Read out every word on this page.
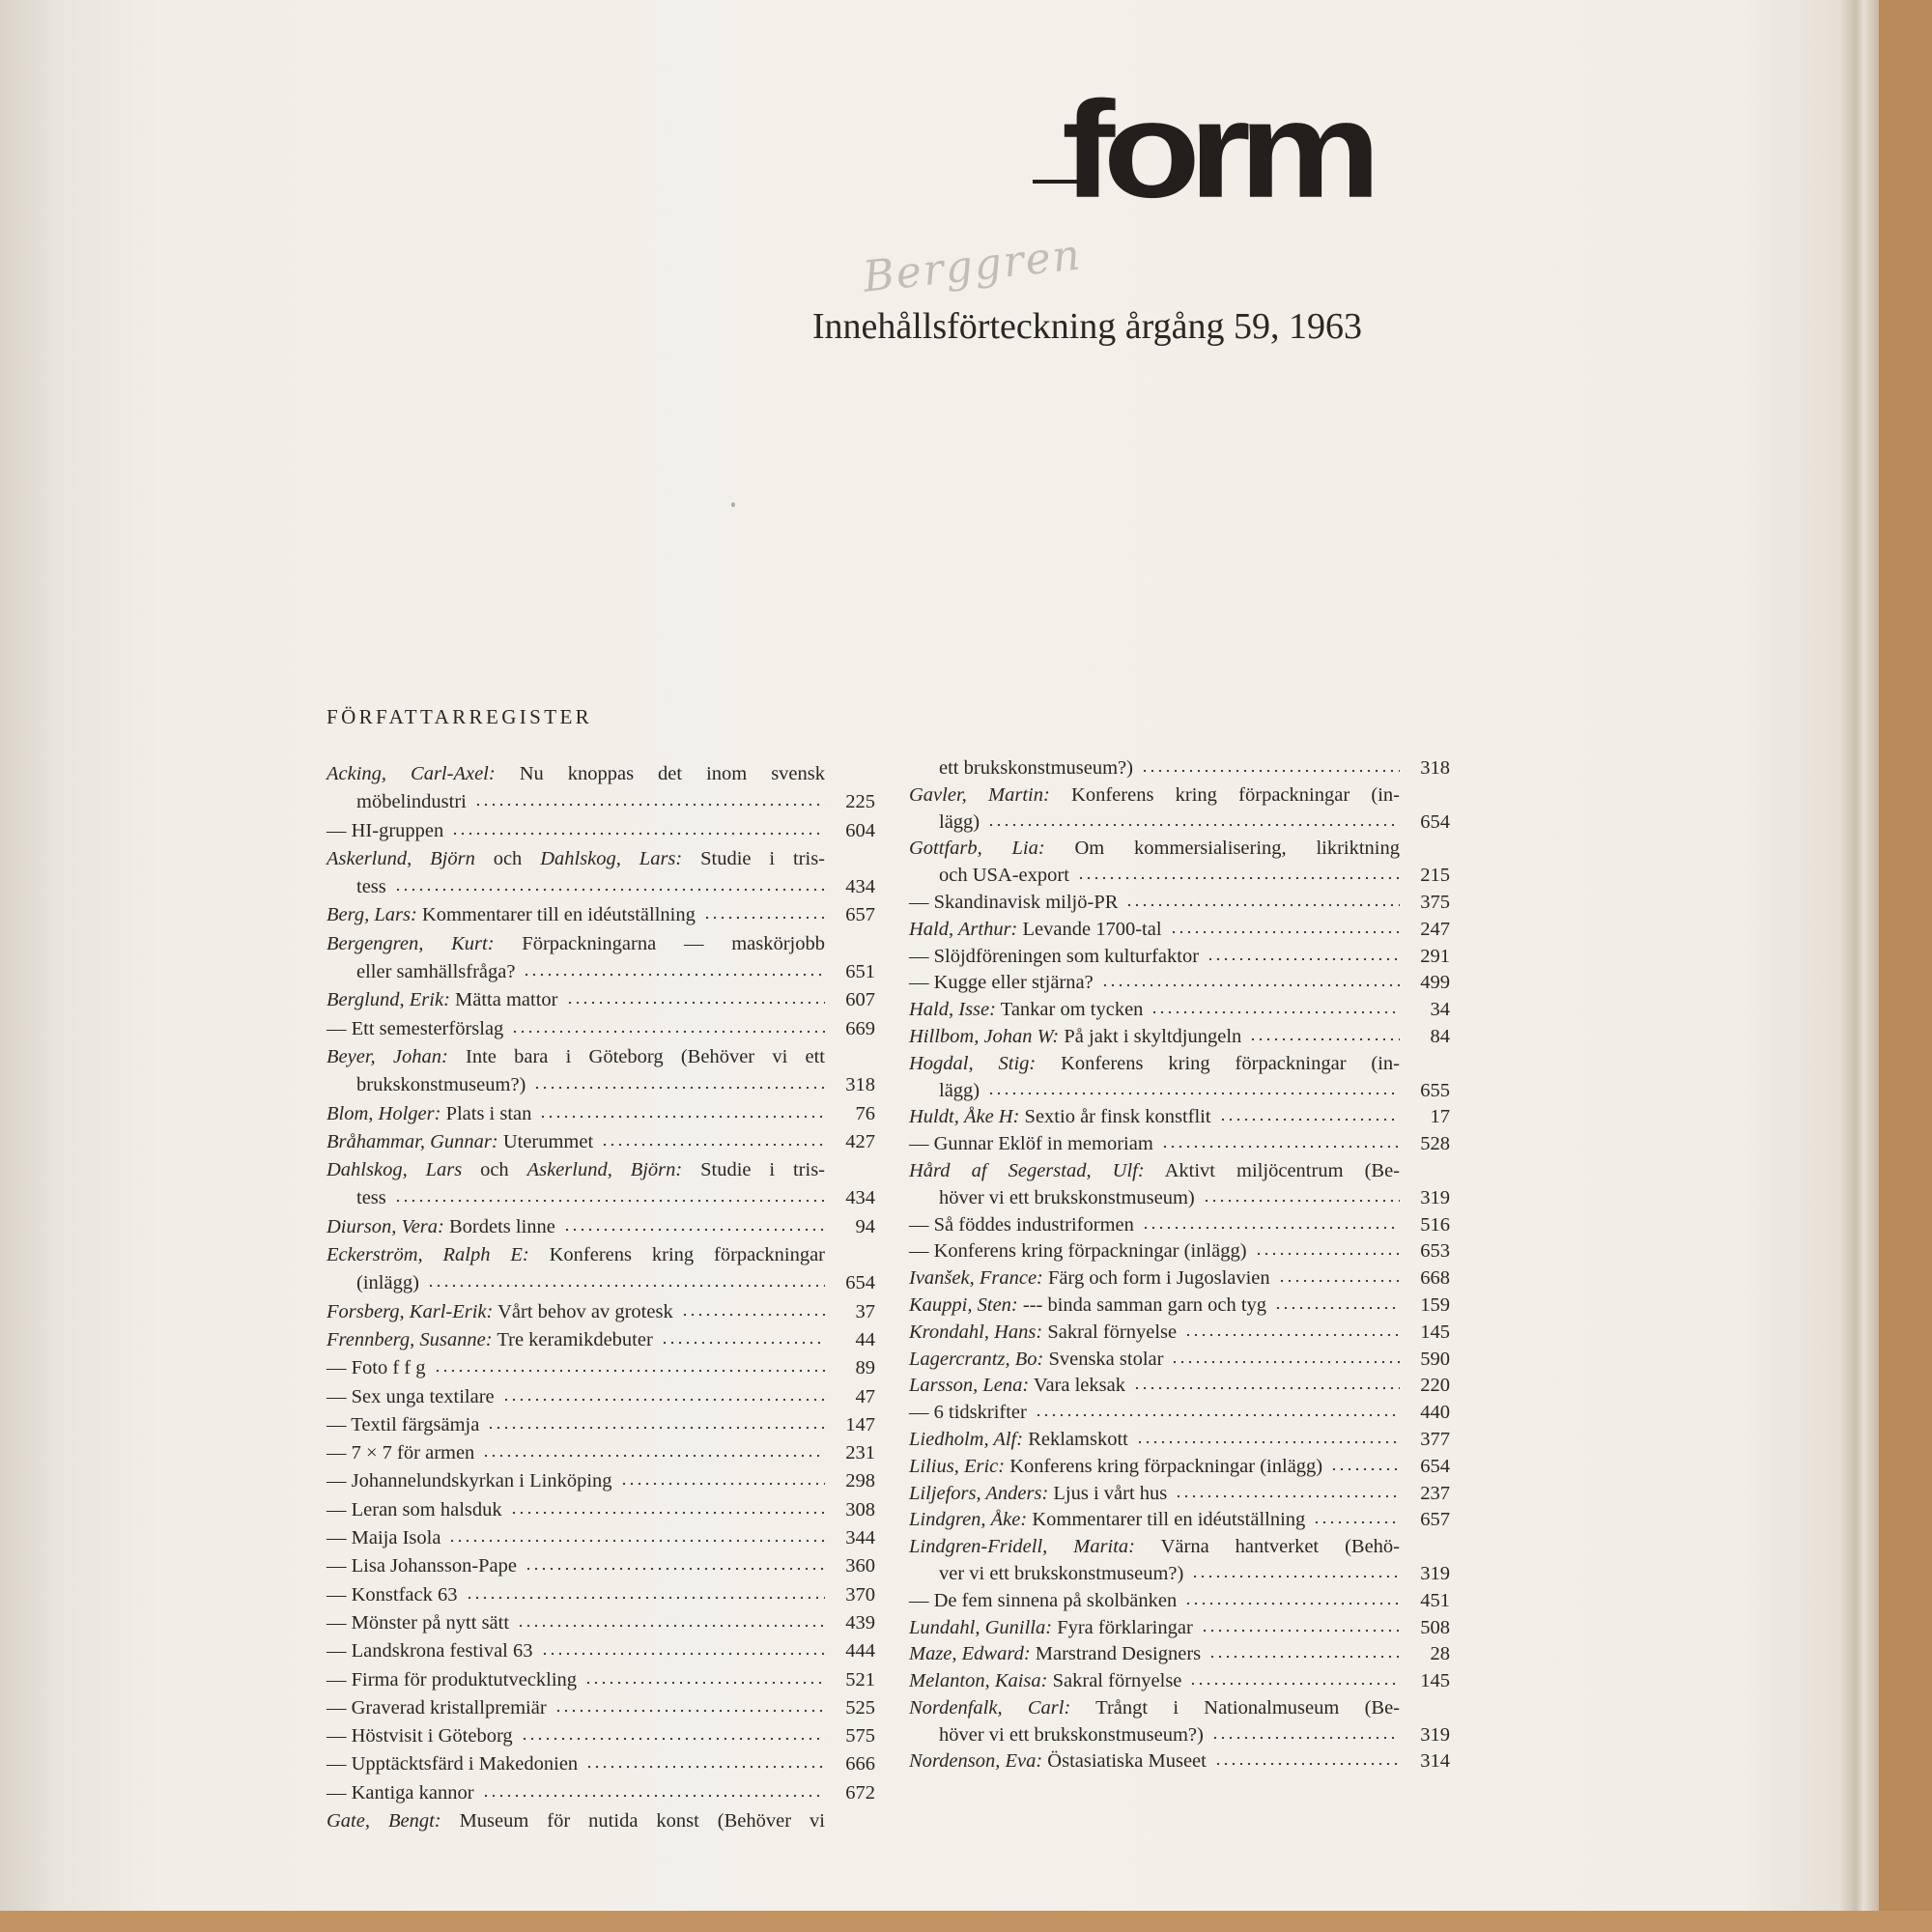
form
Berggren
Innehållsförteckning årgång 59, 1963
FÖRFATTARREGISTER
Acking, Carl-Axel: Nu knoppas det inom svensk
möbelindustri	225
— HI-gruppen	604
Askerlund, Björn och Dahlskog, Lars: Studie i tris-
tess	434
Berg, Lars: Kommentarer till en idéutställning	657
Bergengren, Kurt: Förpackningarna — maskörjobb
eller samhällsfråga?	651
Berglund, Erik: Mätta mattor	607
— Ett semesterförslag	669
Beyer, Johan: Inte bara i Göteborg (Behöver vi ett
brukskonstmuseum?)	318
Blom, Holger: Plats i stan	76
Bråhammar, Gunnar: Uterummet	427
Dahlskog, Lars och Askerlund, Björn: Studie i tris-
tess	434
Diurson, Vera: Bordets linne	94
Eckerström, Ralph E: Konferens kring förpackningar
(inlägg)	654
Forsberg, Karl-Erik: Vårt behov av grotesk	37
Frennberg, Susanne: Tre keramikdebuter	44
— Foto f f g	89
— Sex unga textilare	47
— Textil färgsämja	147
— 7 × 7 för armen	231
— Johannelundskyrkan i Linköping	298
— Leran som halsduk	308
— Maija Isola	344
— Lisa Johansson-Pape	360
— Konstfack 63	370
— Mönster på nytt sätt	439
— Landskrona festival 63	444
— Firma för produktutveckling	521
— Graverad kristallpremiär	525
— Höstvisit i Göteborg	575
— Upptäcktsfärd i Makedonien	666
— Kantiga kannor	672
Gate, Bengt: Museum för nutida konst (Behöver vi
ett brukskonstmuseum?)	318
Gavler, Martin: Konferens kring förpackningar (in-
lägg)	654
Gottfarb, Lia: Om kommersialisering, likriktning
och USA-export	215
— Skandinavisk miljö-PR	375
Hald, Arthur: Levande 1700-tal	247
— Slöjdföreningen som kulturfaktor	291
— Kugge eller stjärna?	499
Hald, Isse: Tankar om tycken	34
Hillbom, Johan W: På jakt i skyltdjungeln	84
Hogdal, Stig: Konferens kring förpackningar (in-
lägg)	655
Huldt, Åke H: Sextio år finsk konstflit	17
— Gunnar Eklöf in memoriam	528
Hård af Segerstad, Ulf: Aktivt miljöcentrum (Be-
höver vi ett brukskonstmuseum)	319
— Så föddes industriformen	516
— Konferens kring förpackningar (inlägg)	653
Ivanšek, France: Färg och form i Jugoslavien	668
Kauppi, Sten: --- binda samman garn och tyg	159
Krondahl, Hans: Sakral förnyelse	145
Lagercrantz, Bo: Svenska stolar	590
Larsson, Lena: Vara leksak	220
— 6 tidskrifter	440
Liedholm, Alf: Reklamskott	377
Lilius, Eric: Konferens kring förpackningar (inlägg)	654
Liljefors, Anders: Ljus i vårt hus	237
Lindgren, Åke: Kommentarer till en idéutställning	657
Lindgren-Fridell, Marita: Värna hantverket (Behö-
ver vi ett brukskonstmuseum?)	319
— De fem sinnena på skolbänken	451
Lundahl, Gunilla: Fyra förklaringar	508
Maze, Edward: Marstrand Designers	28
Melanton, Kaisa: Sakral förnyelse	145
Nordenfalk, Carl: Trångt i Nationalmuseum (Be-
höver vi ett brukskonstmuseum?)	319
Nordenson, Eva: Östasiatiska Museet	314
